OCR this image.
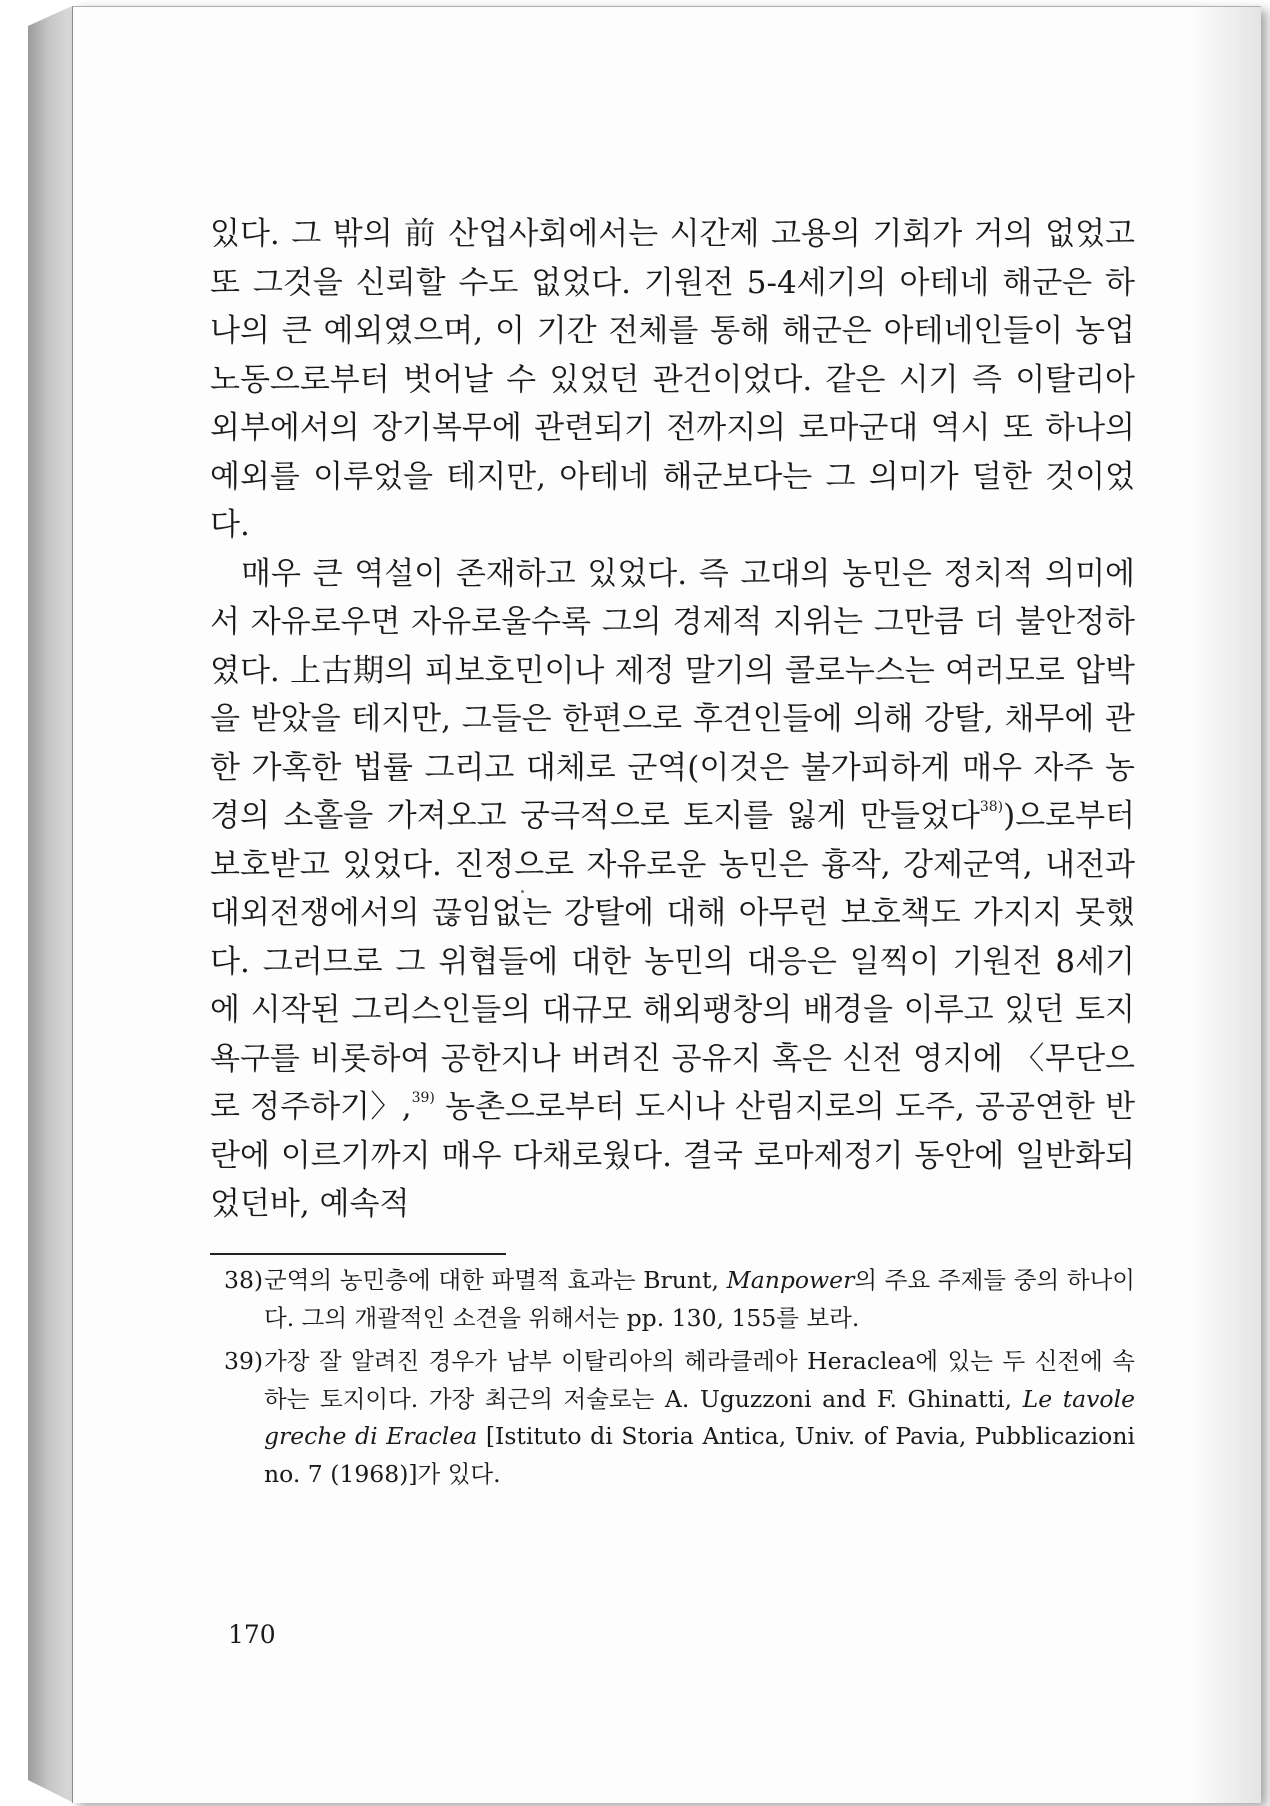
있다. 그 밖의 前 산업사회에서는 시간제 고용의 기회가 거의 없었고 또 그것을 신뢰할 수도 없었다. 기원전 5-4세기의 아테네 해군은 하나의 큰 예외였으며, 이 기간 전체를 통해 해군은 아테네인들이 농업노동으로부터 벗어날 수 있었던 관건이었다. 같은 시기 즉 이탈리아 외부에서의 장기복무에 관련되기 전까지의 로마군대 역시 또 하나의 예외를 이루었을 테지만, 아테네 해군보다는 그 의미가 덜한 것이었다.

매우 큰 역설이 존재하고 있었다. 즉 고대의 농민은 정치적 의미에서 자유로우면 자유로울수록 그의 경제적 지위는 그만큼 더 불안정하였다. 上古期의 피보호민이나 제정 말기의 콜로누스는 여러모로 압박을 받았을 테지만, 그들은 한편으로 후견인들에 의해 강탈, 채무에 관한 가혹한 법률 그리고 대체로 군역(이것은 불가피하게 매우 자주 농경의 소홀을 가져오고 궁극적으로 토지를 잃게 만들었다$^{38)}$)으로부터 보호받고 있었다. 진정으로 자유로운 농민은 흉작, 강제군역, 내전과 대외전쟁에서의 끊임없는 강탈에 대해 아무런 보호책도 가지지 못했다. 그러므로 그 위협들에 대한 농민의 대응은 일찍이 기원전 8세기에 시작된 그리스인들의 대규모 해외팽창의 배경을 이루고 있던 토지욕구를 비롯하여 공한지나 버려진 공유지 혹은 신전 영지에 〈무단으로 정주하기〉,$^{39)}$ 농촌으로부터 도시나 산림지로의 도주, 공공연한 반란에 이르기까지 매우 다채로웠다. 결국 로마제정기 동안에 일반화되었던바, 예속적

38) 군역의 농민층에 대한 파멸적 효과는 Brunt, Manpower의 주요 주제들 중의 하나이다. 그의 개괄적인 소견을 위해서는 pp. 130, 155를 보라.
39) 가장 잘 알려진 경우가 남부 이탈리아의 헤라클레아 Heraclea에 있는 두 신전에 속하는 토지이다. 가장 최근의 저술로는 A. Uguzzoni and F. Ghinatti, Le tavole greche di Eraclea [Istituto di Storia Antica, Univ. of Pavia, Pubblicazioni no. 7 (1968)]가 있다.
170
